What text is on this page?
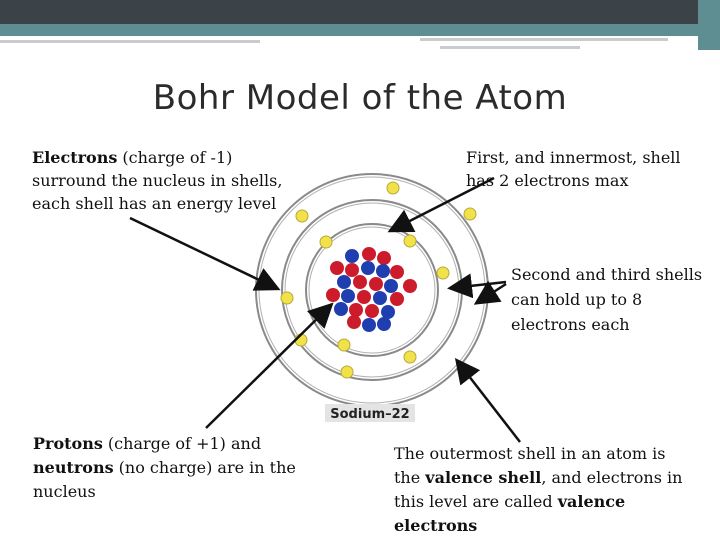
Bohr Model of the Atom
Sodium–22
Electrons (charge of -1) surround the nucleus in shells, each shell has an energy level
First, and innermost, shell has 2 electrons max
Second and third shells can hold up to 8 electrons each
Protons (charge of +1) and neutrons (no charge) are in the nucleus
The outermost shell in an atom is the valence shell, and electrons in this level are called valence electrons
